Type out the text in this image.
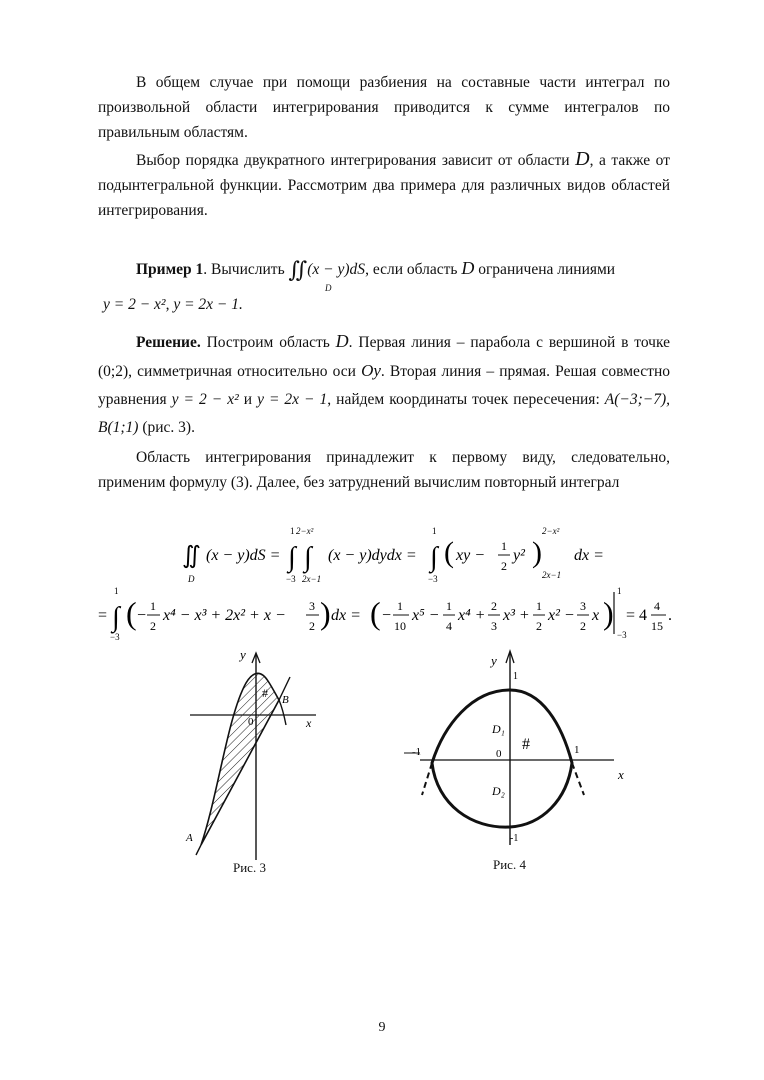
В общем случае при помощи разбиения на составные части интеграл по произвольной области интегрирования приводится к сумме интегралов по правильным областям.
Выбор порядка двукратного интегрирования зависит от области D, а также от подынтегральной функции. Рассмотрим два примера для различных видов областей интегрирования.
Пример 1. Вычислить ∬(x − y)dS, если область D ограничена линиями
y = 2 − x², y = 2x − 1.
D
Решение. Построим область D. Первая линия – парабола с вершиной в точке (0;2), симметричная относительно оси Oy. Вторая линия – прямая. Решая совместно уравнения y = 2 − x² и y = 2x − 1, найдем координаты точек пересечения: A(−3;−7), B(1;1) (рис. 3).
Область интегрирования принадлежит к первому виду, следовательно, применим формулу (3). Далее, без затруднений вычислим повторный интеграл
∬
D
(x − y)dS =
1 2−x²
∫ ∫
−3 2x−1
(x − y)dydx =
1
∫
−3
( xy −
1
2
y² )
2−x²
2x−1
dx =
=
1
∫
−3
( −
1
2
x⁴ − x³ + 2x² + x −
3
2 ) dx = ( −
1
10
x⁵ −
1
4
x⁴ +
2
3
x³ +
1
2
x² −
3
2
x )
1
−3
= 4
4
15
.
y
x
# B
A
Рис. 3
y
x
-1	1
1
0
D₁
D₂
#
-1
Рис. 4
9
